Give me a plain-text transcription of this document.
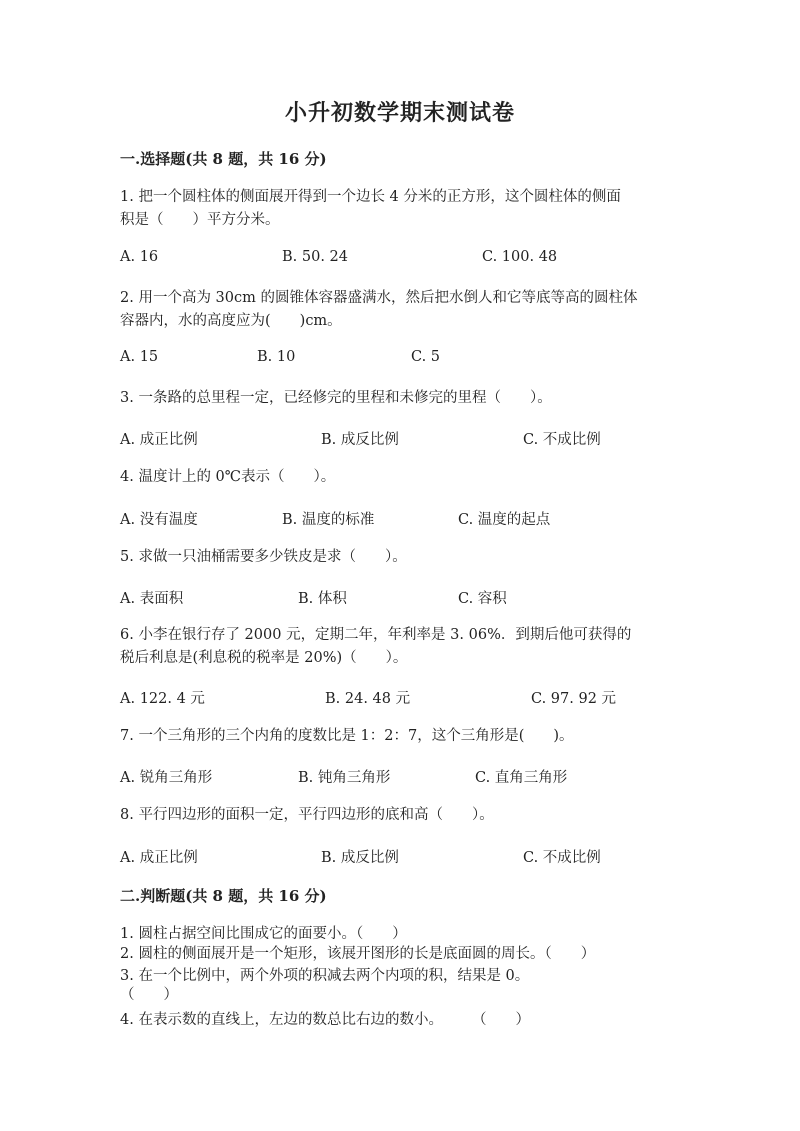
小升初数学期末测试卷
一.选择题(共 8 题，共 16 分)
1. 把一个圆柱体的侧面展开得到一个边长 4 分米的正方形，这个圆柱体的侧面
积是（　　）平方分米。
A. 16	B. 50. 24	C. 100. 48
2. 用一个高为 30cm 的圆锥体容器盛满水，然后把水倒人和它等底等高的圆柱体
容器内，水的高度应为(　　)cm。
A. 15	B. 10	C. 5
3. 一条路的总里程一定，已经修完的里程和未修完的里程（　　）。
A. 成正比例	B. 成反比例	C. 不成比例
4. 温度计上的 0℃表示（　　）。
A. 没有温度	B. 温度的标准	C. 温度的起点
5. 求做一只油桶需要多少铁皮是求（　　）。
A. 表面积	B. 体积	C. 容积
6. 小李在银行存了 2000 元，定期二年，年利率是 3. 06%．到期后他可获得的
税后利息是(利息税的税率是 20%)（　　）。
A. 122. 4 元	B. 24. 48 元	C. 97. 92 元
7. 一个三角形的三个内角的度数比是 1：2：7，这个三角形是(　　)。
A. 锐角三角形	B. 钝角三角形	C. 直角三角形
8. 平行四边形的面积一定，平行四边形的底和高（　　）。
A. 成正比例	B. 成反比例	C. 不成比例
二.判断题(共 8 题，共 16 分)
1. 圆柱占据空间比围成它的面要小。（　　）
2. 圆柱的侧面展开是一个矩形，该展开图形的长是底面圆的周长。（　　）
3. 在一个比例中，两个外项的积减去两个内项的积，结果是 0。
（　　）
4. 在表示数的直线上，左边的数总比右边的数小。　　　（　　）
